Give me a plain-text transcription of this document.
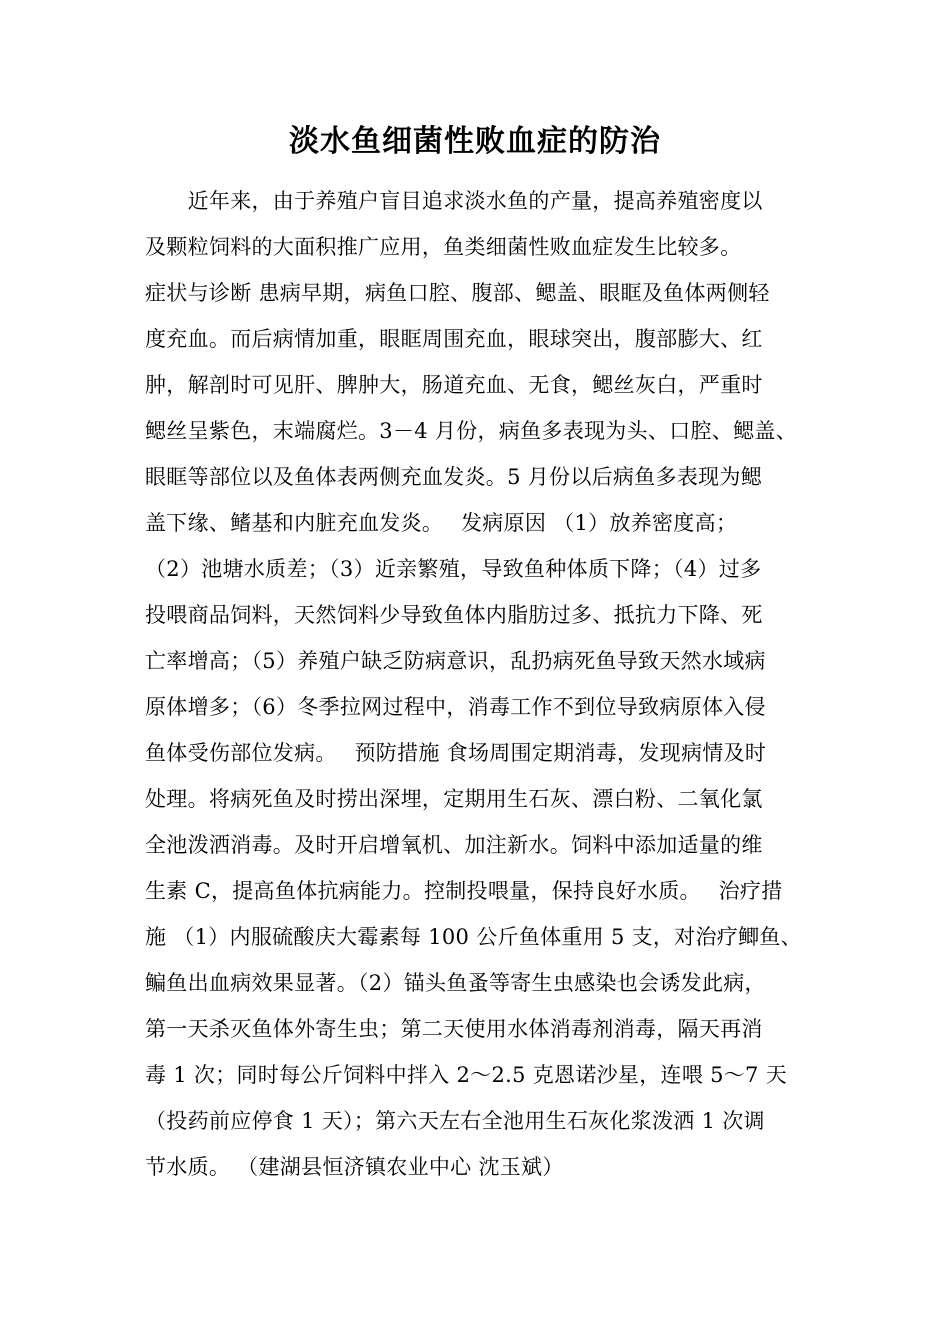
淡水鱼细菌性败血症的防治
　　近年来，由于养殖户盲目追求淡水鱼的产量，提高养殖密度以
及颗粒饲料的大面积推广应用，鱼类细菌性败血症发生比较多。
症状与诊断 患病早期，病鱼口腔、腹部、鳃盖、眼眶及鱼体两侧轻
度充血。而后病情加重，眼眶周围充血，眼球突出，腹部膨大、红
肿，解剖时可见肝、脾肿大，肠道充血、无食，鳃丝灰白，严重时
鳃丝呈紫色，末端腐烂。3－4 月份，病鱼多表现为头、口腔、鳃盖、
眼眶等部位以及鱼体表两侧充血发炎。5 月份以后病鱼多表现为鳃
盖下缘、鳍基和内脏充血发炎。　 发病原因 （1）放养密度高；
（2）池塘水质差；（3）近亲繁殖，导致鱼种体质下降；（4）过多
投喂商品饲料，天然饲料少导致鱼体内脂肪过多、抵抗力下降、死
亡率增高；（5）养殖户缺乏防病意识，乱扔病死鱼导致天然水域病
原体增多；（6）冬季拉网过程中，消毒工作不到位导致病原体入侵
鱼体受伤部位发病。　 预防措施 食场周围定期消毒，发现病情及时
处理。将病死鱼及时捞出深埋，定期用生石灰、漂白粉、二氧化氯
全池泼洒消毒。及时开启增氧机、加注新水。饲料中添加适量的维
生素 C，提高鱼体抗病能力。控制投喂量，保持良好水质。　 治疗措
施 （1）内服硫酸庆大霉素每 100 公斤鱼体重用 5 支，对治疗鲫鱼、
鳊鱼出血病效果显著。（2）锚头鱼蚤等寄生虫感染也会诱发此病，
第一天杀灭鱼体外寄生虫；第二天使用水体消毒剂消毒，隔天再消
毒 1 次；同时每公斤饲料中拌入 2～2.5 克恩诺沙星，连喂 5～7 天
（投药前应停食 1 天）；第六天左右全池用生石灰化浆泼洒 1 次调
节水质。 （建湖县恒济镇农业中心 沈玉斌）
